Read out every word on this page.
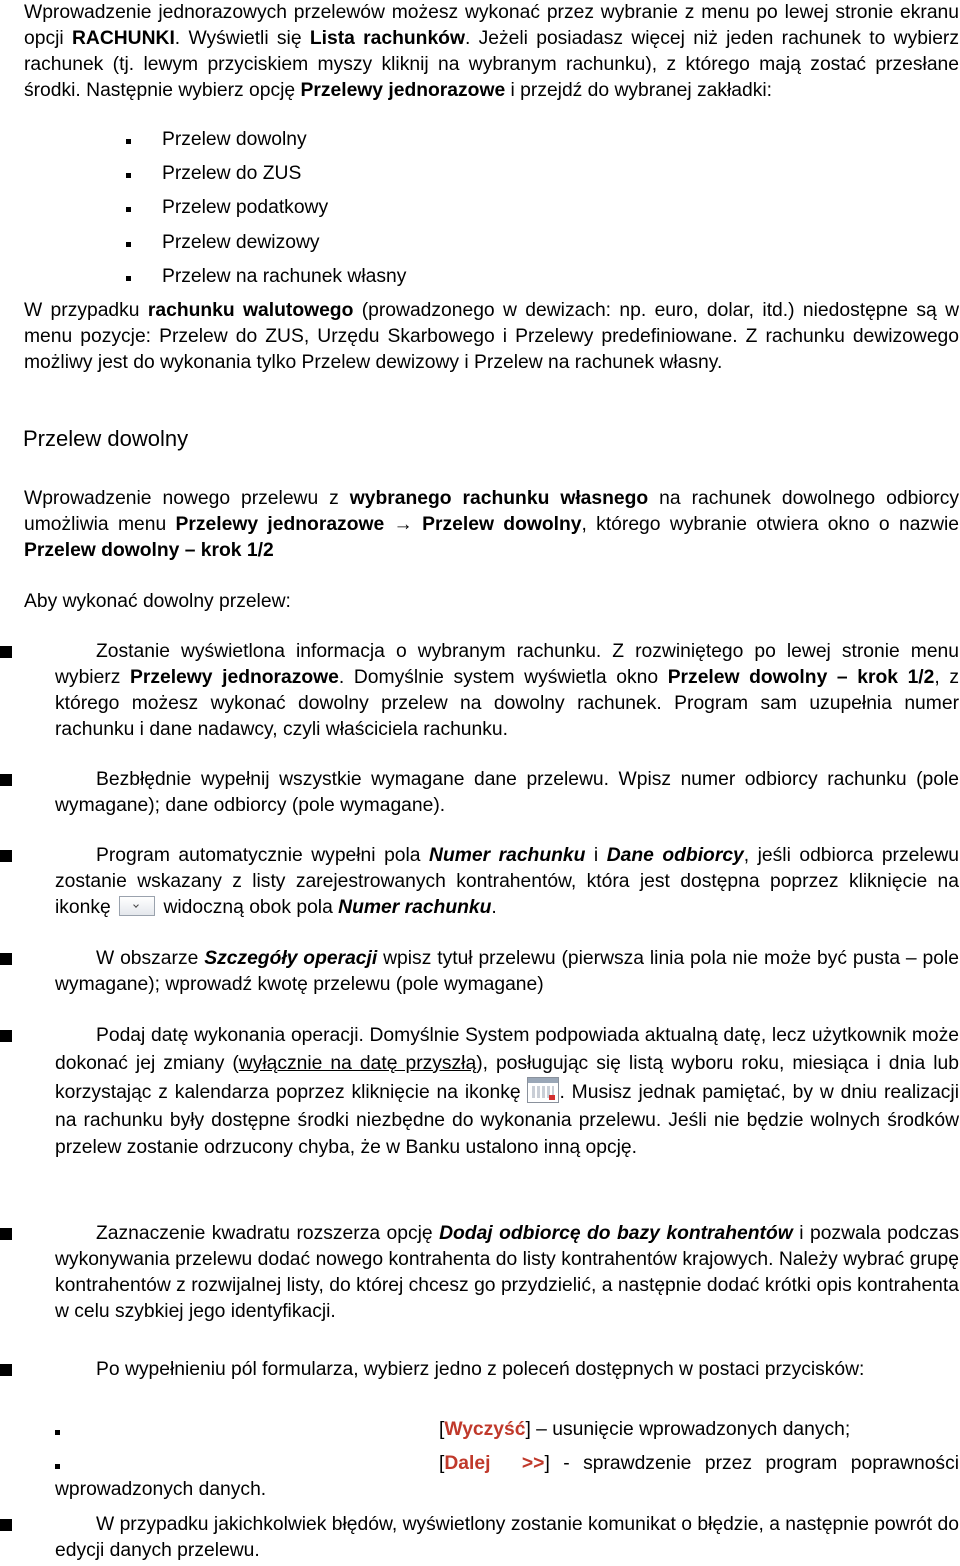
Wprowadzenie jednorazowych przelewów możesz wykonać przez wybranie z menu po lewej stronie ekranu opcji RACHUNKI. Wyświetli się Lista rachunków. Jeżeli posiadasz więcej niż jeden rachunek to wybierz rachunek (tj. lewym przyciskiem myszy kliknij na wybranym rachunku), z którego mają zostać przesłane środki. Następnie wybierz opcję Przelewy jednorazowe i przejdź do wybranej zakładki:

Przelew dowolny
Przelew do ZUS
Przelew podatkowy
Przelew dewizowy
Przelew na rachunek własny

W przypadku rachunku walutowego (prowadzonego w dewizach: np. euro, dolar, itd.) niedostępne są w menu pozycje: Przelew do ZUS, Urzędu Skarbowego i Przelewy predefiniowane. Z rachunku dewizowego możliwy jest do wykonania tylko Przelew dewizowy i Przelew na rachunek własny.

Przelew dowolny

Wprowadzenie nowego przelewu z wybranego rachunku własnego na rachunek dowolnego odbiorcy umożliwia menu Przelewy jednorazowe → Przelew dowolny, którego wybranie otwiera okno o nazwie Przelew dowolny – krok 1/2

Aby wykonać dowolny przelew:

Zostanie wyświetlona informacja o wybranym rachunku. Z rozwiniętego po lewej stronie menu wybierz Przelewy jednorazowe. Domyślnie system wyświetla okno Przelew dowolny – krok 1/2, z którego możesz wykonać dowolny przelew na dowolny rachunek. Program sam uzupełnia numer rachunku i dane nadawcy, czyli właściciela rachunku.

Bezbłędnie wypełnij wszystkie wymagane dane przelewu. Wpisz numer odbiorcy rachunku (pole wymagane); dane odbiorcy (pole wymagane).

Program automatycznie wypełni pola Numer rachunku i Dane odbiorcy, jeśli odbiorca przelewu zostanie wskazany z listy zarejestrowanych kontrahentów, która jest dostępna poprzez kliknięcie na ikonkę  widoczną obok pola Numer rachunku.

W obszarze Szczegóły operacji wpisz tytuł przelewu (pierwsza linia pola nie może być pusta – pole wymagane); wprowadź kwotę przelewu (pole wymagane)

Podaj datę wykonania operacji. Domyślnie System podpowiada aktualną datę, lecz użytkownik może dokonać jej zmiany (wyłącznie na datę przyszłą), posługując się listą wyboru roku, miesiąca i dnia lub korzystając z kalendarza poprzez kliknięcie na ikonkę
. Musisz jednak pamiętać, by w dniu realizacji na rachunku były dostępne środki niezbędne do wykonania przelewu. Jeśli nie będzie wolnych środków przelew zostanie odrzucony chyba, że w Banku ustalono inną opcję.

Zaznaczenie kwadratu rozszerza opcję Dodaj odbiorcę do bazy kontrahentów i pozwala podczas wykonywania przelewu dodać nowego kontrahenta do listy kontrahentów krajowych. Należy wybrać grupę kontrahentów z rozwijalnej listy, do której chcesz go przydzielić, a następnie dodać krótki opis kontrahenta w celu szybkiej jego identyfikacji.

Po wypełnieniu pól formularza, wybierz jedno z poleceń dostępnych w postaci przycisków:

[Wyczyść] – usunięcie wprowadzonych danych;

[Dalej >>] - sprawdzenie przez program poprawności wprowadzonych danych.

W przypadku jakichkolwiek błędów, wyświetlony zostanie komunikat o błędzie, a następnie powrót do edycji danych przelewu.
